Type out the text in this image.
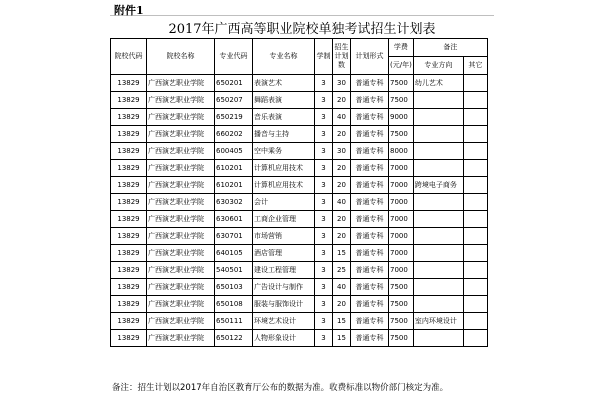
附件1
2017年广西高等职业院校单独考试招生计划表
院校代码	院校名称	专业代码	专业名称	学制	招生计划数	计划形式	学费	备注	
							(元/年)	专业方向	其它
13829	广西演艺职业学院	650201	表演艺术	3	30	普通专科	7500	幼儿艺术	
13829	广西演艺职业学院	650207	舞蹈表演	3	20	普通专科	7500		
13829	广西演艺职业学院	650219	音乐表演	3	40	普通专科	9000		
13829	广西演艺职业学院	660202	播音与主持	3	20	普通专科	7500		
13829	广西演艺职业学院	600405	空中乘务	3	30	普通专科	8000		
13829	广西演艺职业学院	610201	计算机应用技术	3	20	普通专科	7000		
13829	广西演艺职业学院	610201	计算机应用技术	3	20	普通专科	7000	跨境电子商务	
13829	广西演艺职业学院	630302	会计	3	40	普通专科	7000		
13829	广西演艺职业学院	630601	工商企业管理	3	20	普通专科	7000		
13829	广西演艺职业学院	630701	市场营销	3	20	普通专科	7000		
13829	广西演艺职业学院	640105	酒店管理	3	15	普通专科	7000		
13829	广西演艺职业学院	540501	建设工程管理	3	25	普通专科	7000		
13829	广西演艺职业学院	650103	广告设计与制作	3	40	普通专科	7500		
13829	广西演艺职业学院	650108	服装与服饰设计	3	20	普通专科	7500		
13829	广西演艺职业学院	650111	环境艺术设计	3	15	普通专科	7500	室内环境设计	
13829	广西演艺职业学院	650122	人物形象设计	3	15	普通专科	7500		
备注：招生计划以2017年自治区教育厅公布的数据为准。收费标准以物价部门核定为准。
